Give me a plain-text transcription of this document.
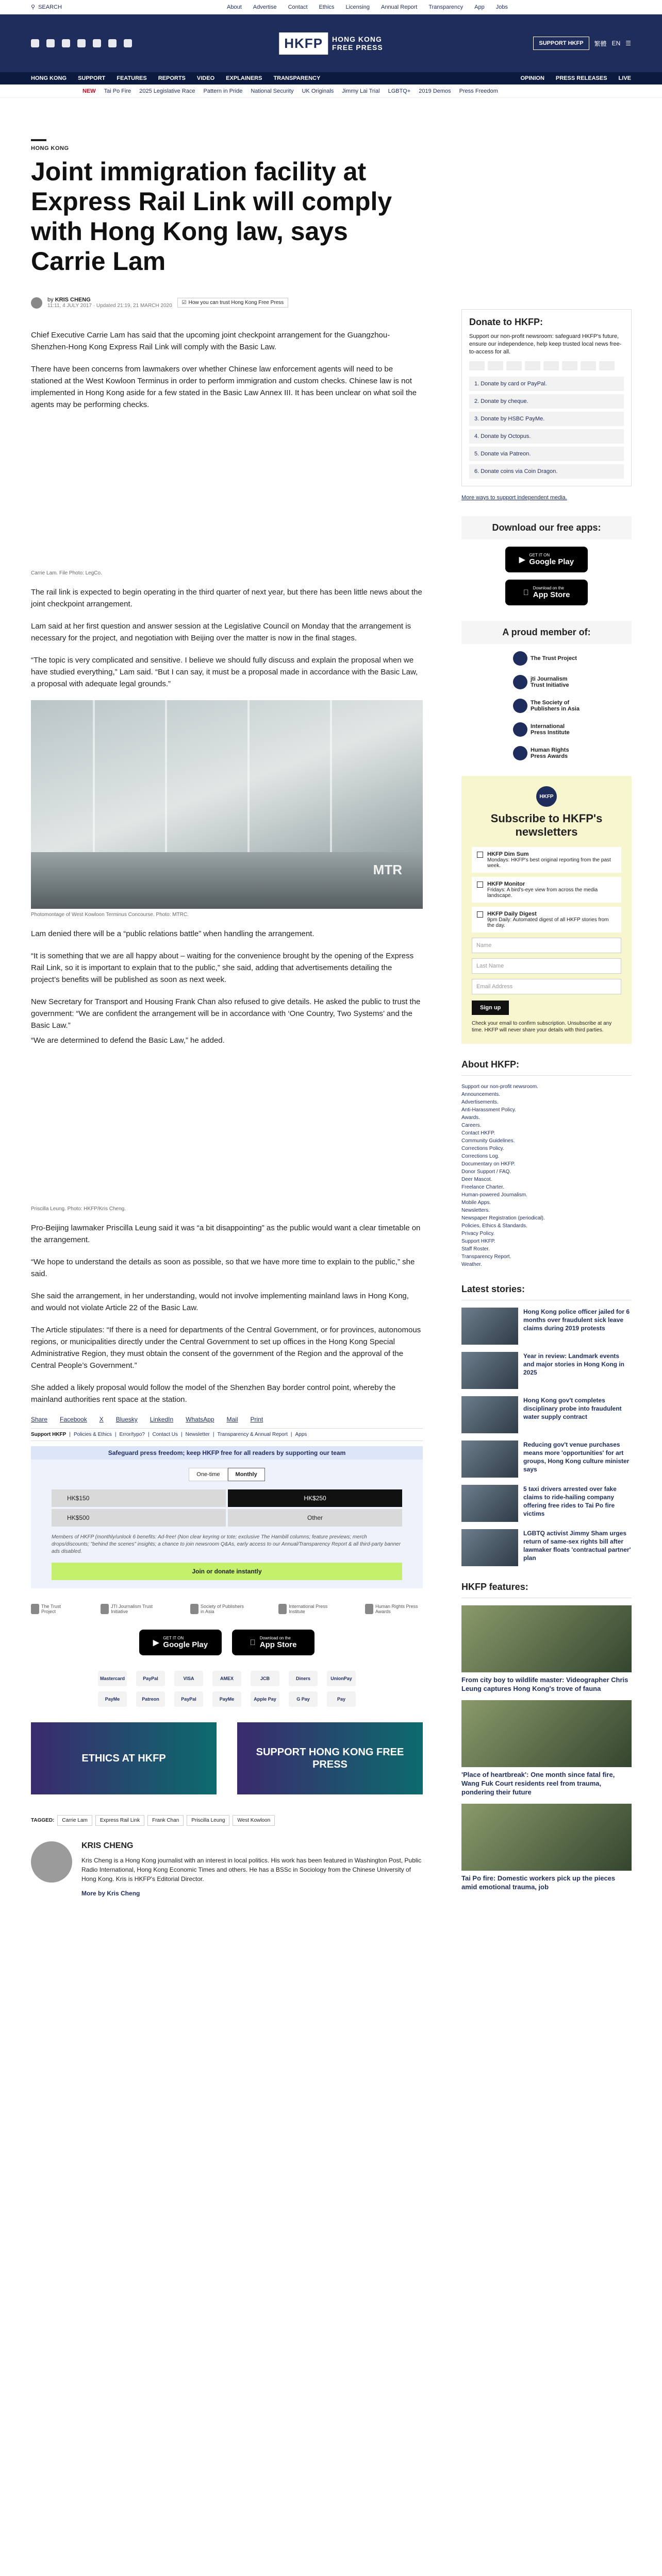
⚲ SEARCH	About Advertise Contact Ethics Licensing Annual Report Transparency App Jobs
HKFP	HONG KONG
FREE PRESS	SUPPORT HKFP	繁體 EN ☰
HONG KONG SUPPORT FEATURES REPORTS VIDEO EXPLAINERS TRANSPARENCY	OPINION PRESS RELEASES LIVE
NEW Tai Po Fire 2025 Legislative Race Pattern in Pride National Security UK Originals Jimmy Lai Trial LGBTQ+ 2019 Demos Press Freedom
HONG KONG
Joint immigration facility at Express Rail Link will comply with Hong Kong law, says Carrie Lam
by KRIS CHENG
11:11, 4 JULY 2017 · Updated 21:19, 21 MARCH 2020
☑ How you can trust Hong Kong Free Press

Chief Executive Carrie Lam has said that the upcoming joint checkpoint arrangement for the Guangzhou-Shenzhen-Hong Kong Express Rail Link will comply with the Basic Law.

There have been concerns from lawmakers over whether Chinese law enforcement agents will need to be stationed at the West Kowloon Terminus in order to perform immigration and custom checks. Chinese law is not implemented in Hong Kong aside for a few stated in the Basic Law Annex III. It has been unclear on what soil the agents may be performing checks.

Carrie Lam. File Photo: LegCo.

The rail link is expected to begin operating in the third quarter of next year, but there has been little news about the joint checkpoint arrangement.

Lam said at her first question and answer session at the Legislative Council on Monday that the arrangement is necessary for the project, and negotiation with Beijing over the matter is now in the final stages.

“The topic is very complicated and sensitive. I believe we should fully discuss and explain the proposal when we have studied everything,” Lam said. “But I can say, it must be a proposal made in accordance with the Basic Law, a proposal with adequate legal grounds.”

MTR
Photomontage of West Kowloon Terminus Concourse. Photo: MTRC.

Lam denied there will be a “public relations battle” when handling the arrangement.

“It is something that we are all happy about – waiting for the convenience brought by the opening of the Express Rail Link, so it is important to explain that to the public,” she said, adding that advertisements detailing the project’s benefits will be published as soon as next week.

New Secretary for Transport and Housing Frank Chan also refused to give details. He asked the public to trust the government: “We are confident the arrangement will be in accordance with ‘One Country, Two Systems’ and the Basic Law.”

“We are determined to defend the Basic Law,” he added.

Priscilla Leung. Photo: HKFP/Kris Cheng.

Pro-Beijing lawmaker Priscilla Leung said it was “a bit disappointing” as the public would want a clear timetable on the arrangement.

“We hope to understand the details as soon as possible, so that we have more time to explain to the public,” she said.

She said the arrangement, in her understanding, would not involve implementing mainland laws in Hong Kong, and would not violate Article 22 of the Basic Law.

The Article stipulates: “If there is a need for departments of the Central Government, or for provinces, autonomous regions, or municipalities directly under the Central Government to set up offices in the Hong Kong Special Administrative Region, they must obtain the consent of the government of the Region and the approval of the Central People’s Government.”

She added a likely proposal would follow the model of the Shenzhen Bay border control point, whereby the mainland authorities rent space at the station.

Share Facebook X Bluesky LinkedIn WhatsApp Mail Print
Support HKFP | Policies & Ethics | Error/typo? | Contact Us | Newsletter | Transparency & Annual Report | Apps
Safeguard press freedom; keep HKFP free for all readers by supporting our team
One-time	Monthly
HK$150	HK$250
HK$500	Other
Members of HKFP (monthly/unlock 6 benefits: Ad-free! (Non clear keyring or tote; exclusive The Hambill columns; feature previews; merch drops/discounts; "behind the scenes" insights; a chance to join newsroom Q&As, early access to our Annual/Transparency Report & all third-party banner ads disabled.
Join or donate instantly
The Trust Project
JTI Journalism Trust Initiative
Society of Publishers in Asia
International Press Institute
Human Rights Press Awards
▶
GET IT ON
Google Play
Download on the
App Store
Mastercard	PayPal	VISA	AMEX	JCB	Diners	UnionPay
PayMe	Patreon	PayPal	PayMe	Apple Pay	G Pay	Pay
ETHICS AT HKFP
SUPPORT HONG KONG FREE PRESS
TAGGED:	Carrie Lam	Express Rail Link	Frank Chan	Priscilla Leung	West Kowloon
KRIS CHENG

Kris Cheng is a Hong Kong journalist with an interest in local politics. His work has been featured in Washington Post, Public Radio International, Hong Kong Economic Times and others. He has a BSSc in Sociology from the Chinese University of Hong Kong. Kris is HKFP's Editorial Director.

More by Kris Cheng
Donate to HKFP:

Support our non-profit newsroom: safeguard HKFP's future, ensure our independence, help keep trusted local news free-to-access for all.

1. Donate by card or PayPal.
2. Donate by cheque.
3. Donate by HSBC PayMe.
4. Donate by Octopus.
5. Donate via Patreon.
6. Donate coins via Coin Dragon.
More ways to support independent media.
Download our free apps:
▶
GET IT ON
Google Play
Download on the
App Store
A proud member of:
The Trust Project
jti Journalism Trust Initiative
The Society of Publishers in Asia
International Press Institute
Human Rights Press Awards
HKFP
Subscribe to HKFP's newsletters
HKFP Dim Sum
Mondays: HKFP's best original reporting from the past week.
HKFP Monitor
Fridays: A bird's-eye view from across the media landscape.
HKFP Daily Digest
9pm Daily: Automated digest of all HKFP stories from the day.
Name
Last Name
Email Address
Sign up
Check your email to confirm subscription. Unsubscribe at any time. HKFP will never share your details with third parties.
About HKFP:
Support our non-profit newsroom.
Announcements.
Advertisements.
Anti-Harassment Policy.
Awards.
Careers.
Contact HKFP.
Community Guidelines.
Corrections Policy.
Corrections Log.
Documentary on HKFP.
Donor Support / FAQ.
Deer Mascot.
Freelance Charter.
Human-powered Journalism.
Mobile Apps.
Newsletters.
Newspaper Registration (periodical).
Policies, Ethics & Standards.
Privacy Policy.
Support HKFP.
Staff Roster.
Transparency Report.
Weather.
Latest stories:
Hong Kong police officer jailed for 6 months over fraudulent sick leave claims during 2019 protests
Year in review: Landmark events and major stories in Hong Kong in 2025
Hong Kong gov't completes disciplinary probe into fraudulent water supply contract
Reducing gov't venue purchases means more 'opportunities' for art groups, Hong Kong culture minister says
5 taxi drivers arrested over fake claims to ride-hailing company offering free rides to Tai Po fire victims
LGBTQ activist Jimmy Sham urges return of same-sex rights bill after lawmaker floats 'contractual partner' plan
HKFP features:
From city boy to wildlife master: Videographer Chris Leung captures Hong Kong's trove of fauna
'Place of heartbreak': One month since fatal fire, Wang Fuk Court residents reel from trauma, pondering their future
Tai Po fire: Domestic workers pick up the pieces amid emotional trauma, job
